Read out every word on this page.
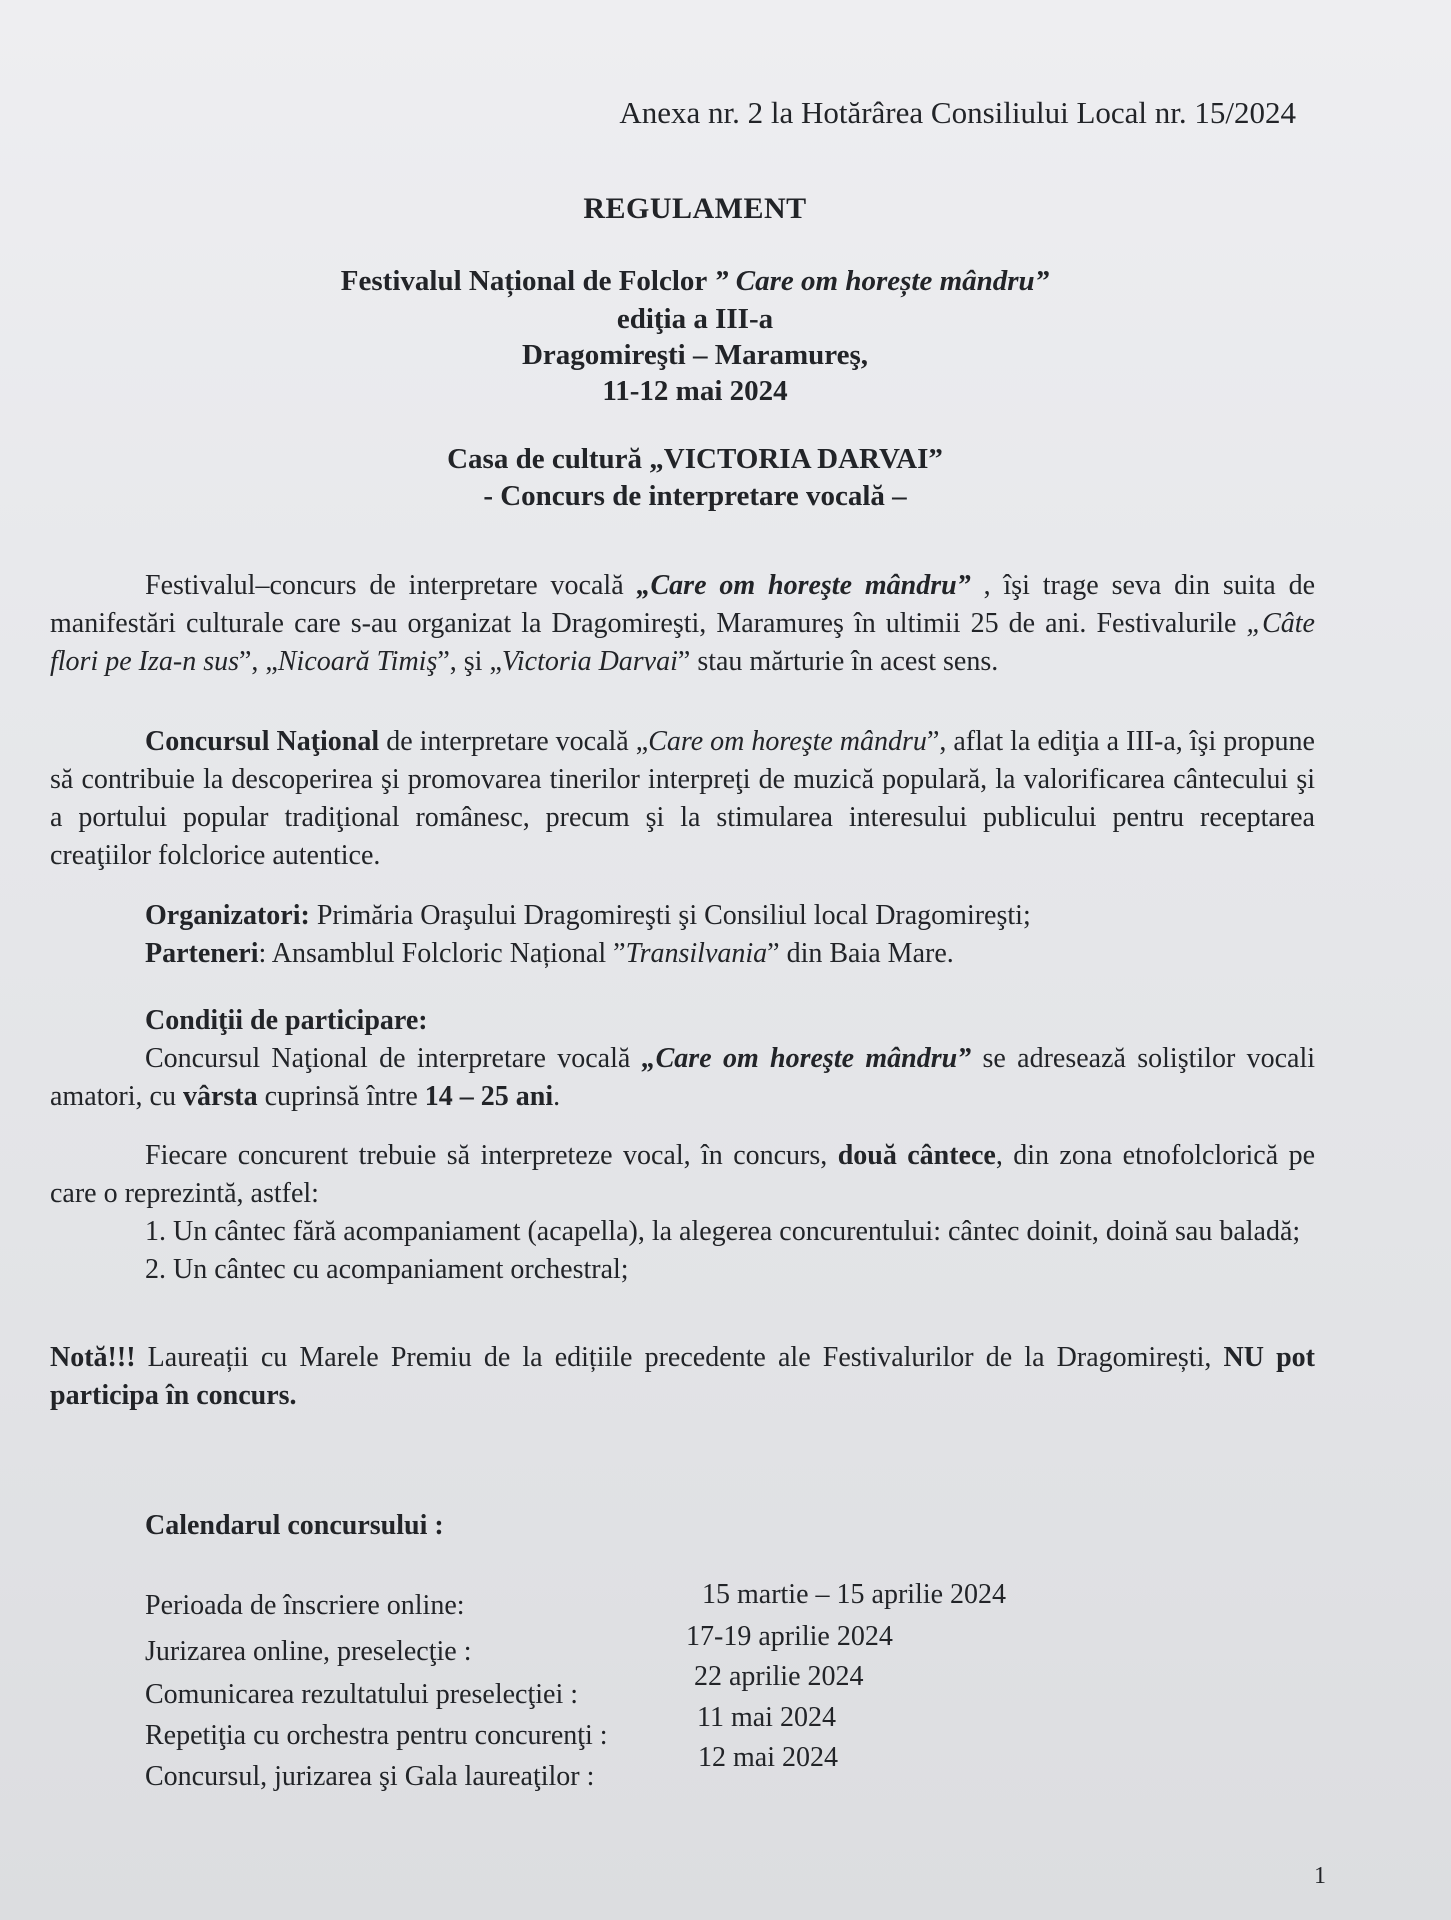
Anexa nr. 2 la Hotărârea Consiliului Local nr. 15/2024
REGULAMENT
Festivalul Național de Folclor ” Care om horește mândru”
ediţia a III-a
Dragomireşti – Maramureş,
11-12 mai 2024
Casa de cultură „VICTORIA DARVAI”
- Concurs de interpretare vocală –

Festivalul–concurs de interpretare vocală „Care om horeşte mândru” , îşi trage seva din suita de manifestări culturale care s-au organizat la Dragomireşti, Maramureş în ultimii 25 de ani. Festivalurile „Câte flori pe Iza-n sus”, „Nicoară Timiş”, şi „Victoria Darvai” stau mărturie în acest sens.

Concursul Naţional de interpretare vocală „Care om horeşte mândru”, aflat la ediţia a III-a, îşi propune să contribuie la descoperirea şi promovarea tinerilor interpreţi de muzică populară, la valorificarea cântecului şi a portului popular tradiţional românesc, precum şi la stimularea interesului publicului pentru receptarea creaţiilor folclorice autentice.

Organizatori: Primăria Oraşului Dragomireşti şi Consiliul local Dragomireşti;

Parteneri: Ansamblul Folcloric Național ”Transilvania” din Baia Mare.

Condiţii de participare:

Concursul Naţional de interpretare vocală „Care om horeşte mândru” se adresează soliştilor vocali amatori, cu vârsta cuprinsă între 14 – 25 ani.

Fiecare concurent trebuie să interpreteze vocal, în concurs, două cântece, din zona etnofolclorică pe care o reprezintă, astfel:

1. Un cântec fără acompaniament (acapella), la alegerea concurentului: cântec doinit, doină sau baladă;

2. Un cântec cu acompaniament orchestral;

Notă!!! Laureații cu Marele Premiu de la edițiile precedente ale Festivalurilor de la Dragomirești, NU pot participa în concurs.

Calendarul concursului :
Perioada de înscriere online:	15 martie – 15 aprilie 2024
Jurizarea online, preselecţie :	17-19 aprilie 2024
Comunicarea rezultatului preselecţiei :
22 aprilie 2024
Repetiţia cu orchestra pentru concurenţi :
11 mai 2024
Concursul, jurizarea şi Gala laureaţilor :
12 mai 2024
1
